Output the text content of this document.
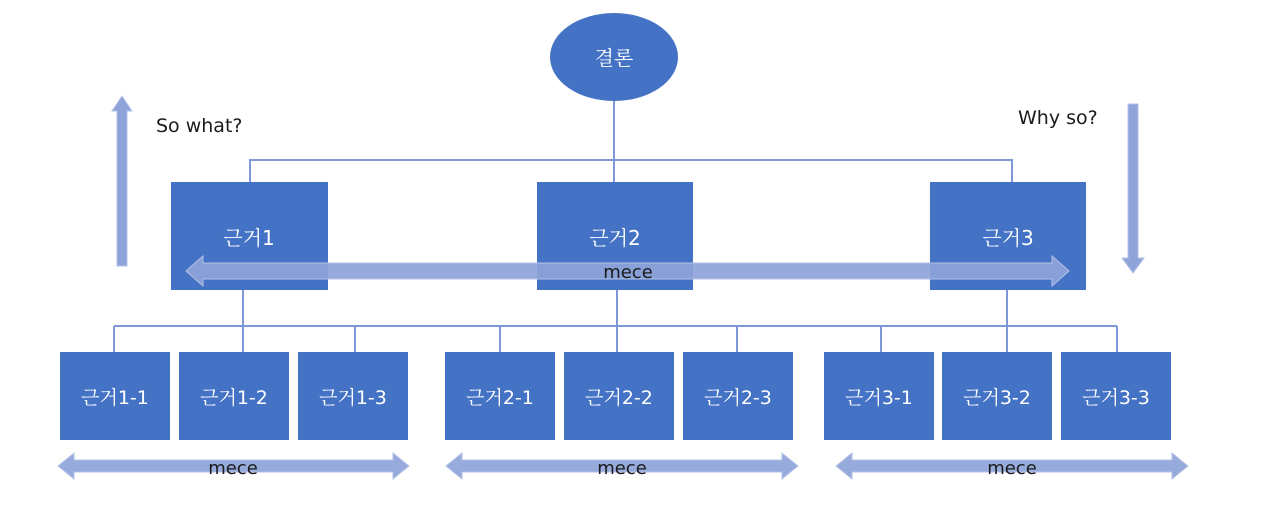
결론
So what?	Why so?
근거1	근거2	근거3
mece
근거1-1	근거1-2	근거1-3	근거2-1	근거2-2	근거2-3	근거3-1	근거3-2	근거3-3
mece	mece	mece
